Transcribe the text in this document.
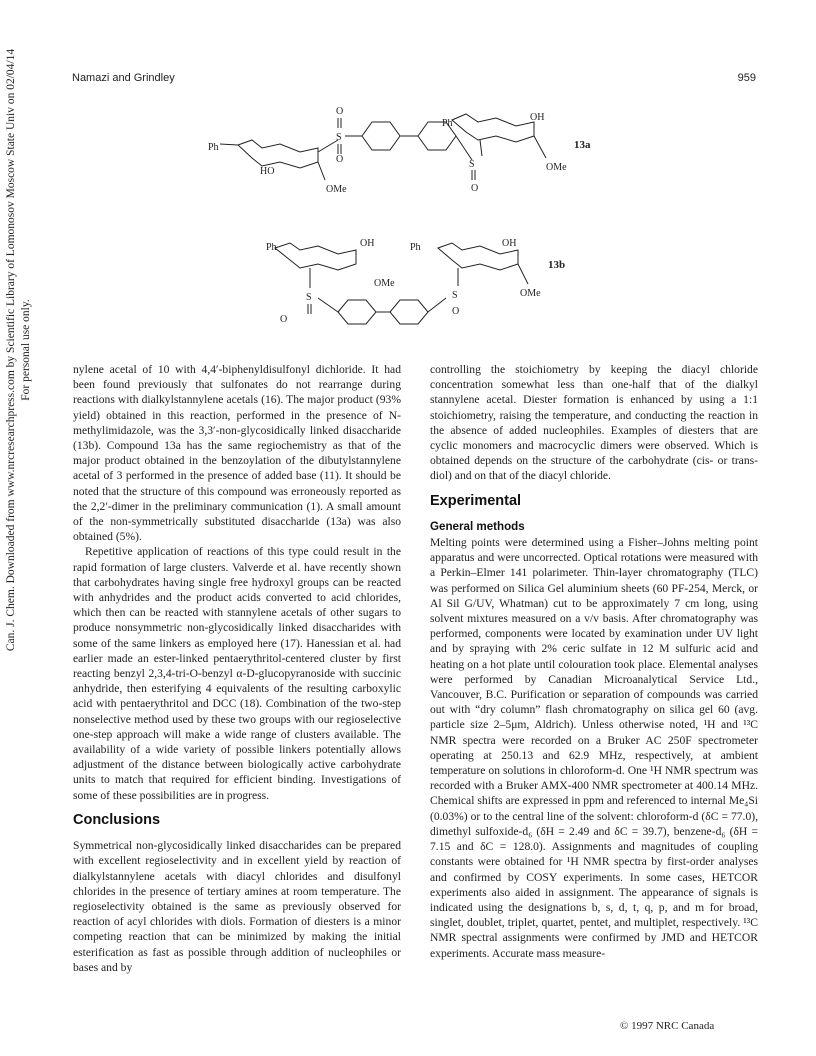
Namazi and Grindley	959
Can. J. Chem. Downloaded from www.nrcresearchpress.com by Scientific Library of Lomonosov Moscow State Univ on 02/04/14 For personal use only.
Ph
HO
OMe
O
S
O
Ph
OH
OMe
S
O
Ph	OH
OMe
S
O
Ph	OH
OMe
S
O
13a
13b

nylene acetal of 10 with 4,4′-biphenyldisulfonyl dichloride. It had been found previously that sulfonates do not rearrange during reactions with dialkylstannylene acetals (16). The major product (93% yield) obtained in this reaction, performed in the presence of N-methylimidazole, was the 3,3′-non-glycosidically linked disaccharide (13b). Compound 13a has the same regiochemistry as that of the major product obtained in the benzoylation of the dibutylstannylene acetal of 3 performed in the presence of added base (11). It should be noted that the structure of this compound was erroneously reported as the 2,2′-dimer in the preliminary communication (1). A small amount of the non-symmetrically substituted disaccharide (13a) was also obtained (5%).

Repetitive application of reactions of this type could result in the rapid formation of large clusters. Valverde et al. have recently shown that carbohydrates having single free hydroxyl groups can be reacted with anhydrides and the product acids converted to acid chlorides, which then can be reacted with stannylene acetals of other sugars to produce nonsymmetric non-glycosidically linked disaccharides with some of the same linkers as employed here (17). Hanessian et al. had earlier made an ester-linked pentaerythritol-centered cluster by first reacting benzyl 2,3,4-tri-O-benzyl α-D-glucopyranoside with succinic anhydride, then esterifying 4 equivalents of the resulting carboxylic acid with pentaerythritol and DCC (18). Combination of the two-step nonselective method used by these two groups with our regioselective one-step approach will make a wide range of clusters available. The availability of a wide variety of possible linkers potentially allows adjustment of the distance between biologically active carbohydrate units to match that required for efficient binding. Investigations of some of these possibilities are in progress.

Conclusions

Symmetrical non-glycosidically linked disaccharides can be prepared with excellent regioselectivity and in excellent yield by reaction of dialkylstannylene acetals with diacyl chlorides and disulfonyl chlorides in the presence of tertiary amines at room temperature. The regioselectivity obtained is the same as previously observed for reaction of acyl chlorides with diols. Formation of diesters is a minor competing reaction that can be minimized by making the initial esterification as fast as possible through addition of nucleophiles or bases and by

controlling the stoichiometry by keeping the diacyl chloride concentration somewhat less than one-half that of the dialkyl stannylene acetal. Diester formation is enhanced by using a 1:1 stoichiometry, raising the temperature, and conducting the reaction in the absence of added nucleophiles. Examples of diesters that are cyclic monomers and macrocyclic dimers were observed. Which is obtained depends on the structure of the carbohydrate (cis- or trans-diol) and on that of the diacyl chloride.

Experimental
General methods

Melting points were determined using a Fisher–Johns melting point apparatus and were uncorrected. Optical rotations were measured with a Perkin–Elmer 141 polarimeter. Thin-layer chromatography (TLC) was performed on Silica Gel aluminium sheets (60 PF-254, Merck, or Al Sil G/UV, Whatman) cut to be approximately 7 cm long, using solvent mixtures measured on a v/v basis. After chromatography was performed, components were located by examination under UV light and by spraying with 2% ceric sulfate in 12 M sulfuric acid and heating on a hot plate until colouration took place. Elemental analyses were performed by Canadian Microanalytical Service Ltd., Vancouver, B.C. Purification or separation of compounds was carried out with “dry column” flash chromatography on silica gel 60 (avg. particle size 2–5μm, Aldrich). Unless otherwise noted, ¹H and ¹³C NMR spectra were recorded on a Bruker AC 250F spectrometer operating at 250.13 and 62.9 MHz, respectively, at ambient temperature on solutions in chloroform-d. One ¹H NMR spectrum was recorded with a Bruker AMX-400 NMR spectrometer at 400.14 MHz. Chemical shifts are expressed in ppm and referenced to internal Me₄Si (0.03%) or to the central line of the solvent: chloroform-d (δC = 77.0), dimethyl sulfoxide-d₆ (δH = 2.49 and δC = 39.7), benzene-d₆ (δH = 7.15 and δC = 128.0). Assignments and magnitudes of coupling constants were obtained for ¹H NMR spectra by first-order analyses and confirmed by COSY experiments. In some cases, HETCOR experiments also aided in assignment. The appearance of signals is indicated using the designations b, s, d, t, q, p, and m for broad, singlet, doublet, triplet, quartet, pentet, and multiplet, respectively. ¹³C NMR spectral assignments were confirmed by JMD and HETCOR experiments. Accurate mass measure-

© 1997 NRC Canada
